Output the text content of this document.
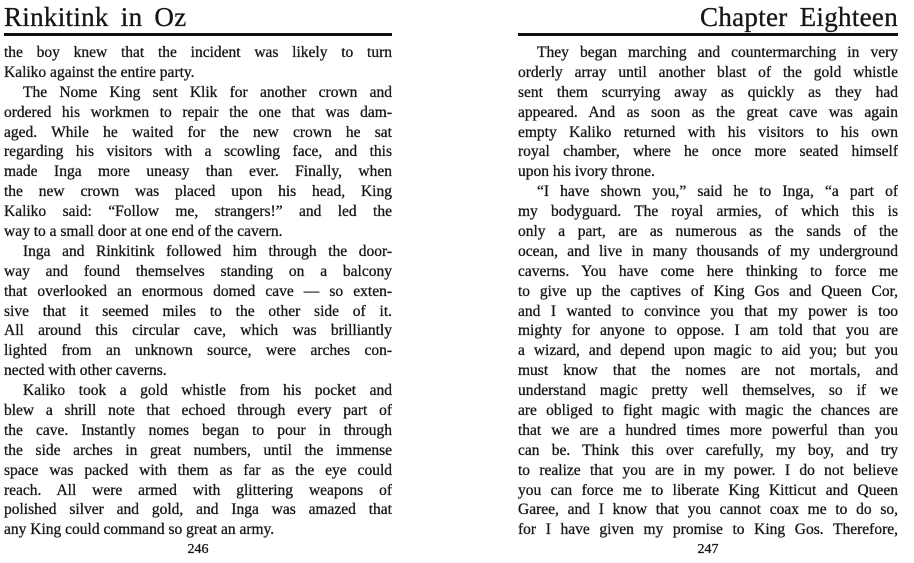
Rinkitink in Oz
the boy knew that the incident was likely to turn
Kaliko against the entire party.
The Nome King sent Klik for another crown and
ordered his workmen to repair the one that was dam-
aged. While he waited for the new crown he sat
regarding his visitors with a scowling face, and this
made Inga more uneasy than ever. Finally, when
the new crown was placed upon his head, King
Kaliko said: “Follow me, strangers!” and led the
way to a small door at one end of the cavern.
Inga and Rinkitink followed him through the door-
way and found themselves standing on a balcony
that overlooked an enormous domed cave — so exten-
sive that it seemed miles to the other side of it.
All around this circular cave, which was brilliantly
lighted from an unknown source, were arches con-
nected with other caverns.
Kaliko took a gold whistle from his pocket and
blew a shrill note that echoed through every part of
the cave. Instantly nomes began to pour in through
the side arches in great numbers, until the immense
space was packed with them as far as the eye could
reach. All were armed with glittering weapons of
polished silver and gold, and Inga was amazed that
any King could command so great an army.
246
Chapter Eighteen
They began marching and countermarching in very
orderly array until another blast of the gold whistle
sent them scurrying away as quickly as they had
appeared. And as soon as the great cave was again
empty Kaliko returned with his visitors to his own
royal chamber, where he once more seated himself
upon his ivory throne.
“I have shown you,” said he to Inga, “a part of
my bodyguard. The royal armies, of which this is
only a part, are as numerous as the sands of the
ocean, and live in many thousands of my underground
caverns. You have come here thinking to force me
to give up the captives of King Gos and Queen Cor,
and I wanted to convince you that my power is too
mighty for anyone to oppose. I am told that you are
a wizard, and depend upon magic to aid you; but you
must know that the nomes are not mortals, and
understand magic pretty well themselves, so if we
are obliged to fight magic with magic the chances are
that we are a hundred times more powerful than you
can be. Think this over carefully, my boy, and try
to realize that you are in my power. I do not believe
you can force me to liberate King Kitticut and Queen
Garee, and I know that you cannot coax me to do so,
for I have given my promise to King Gos. Therefore,
247
